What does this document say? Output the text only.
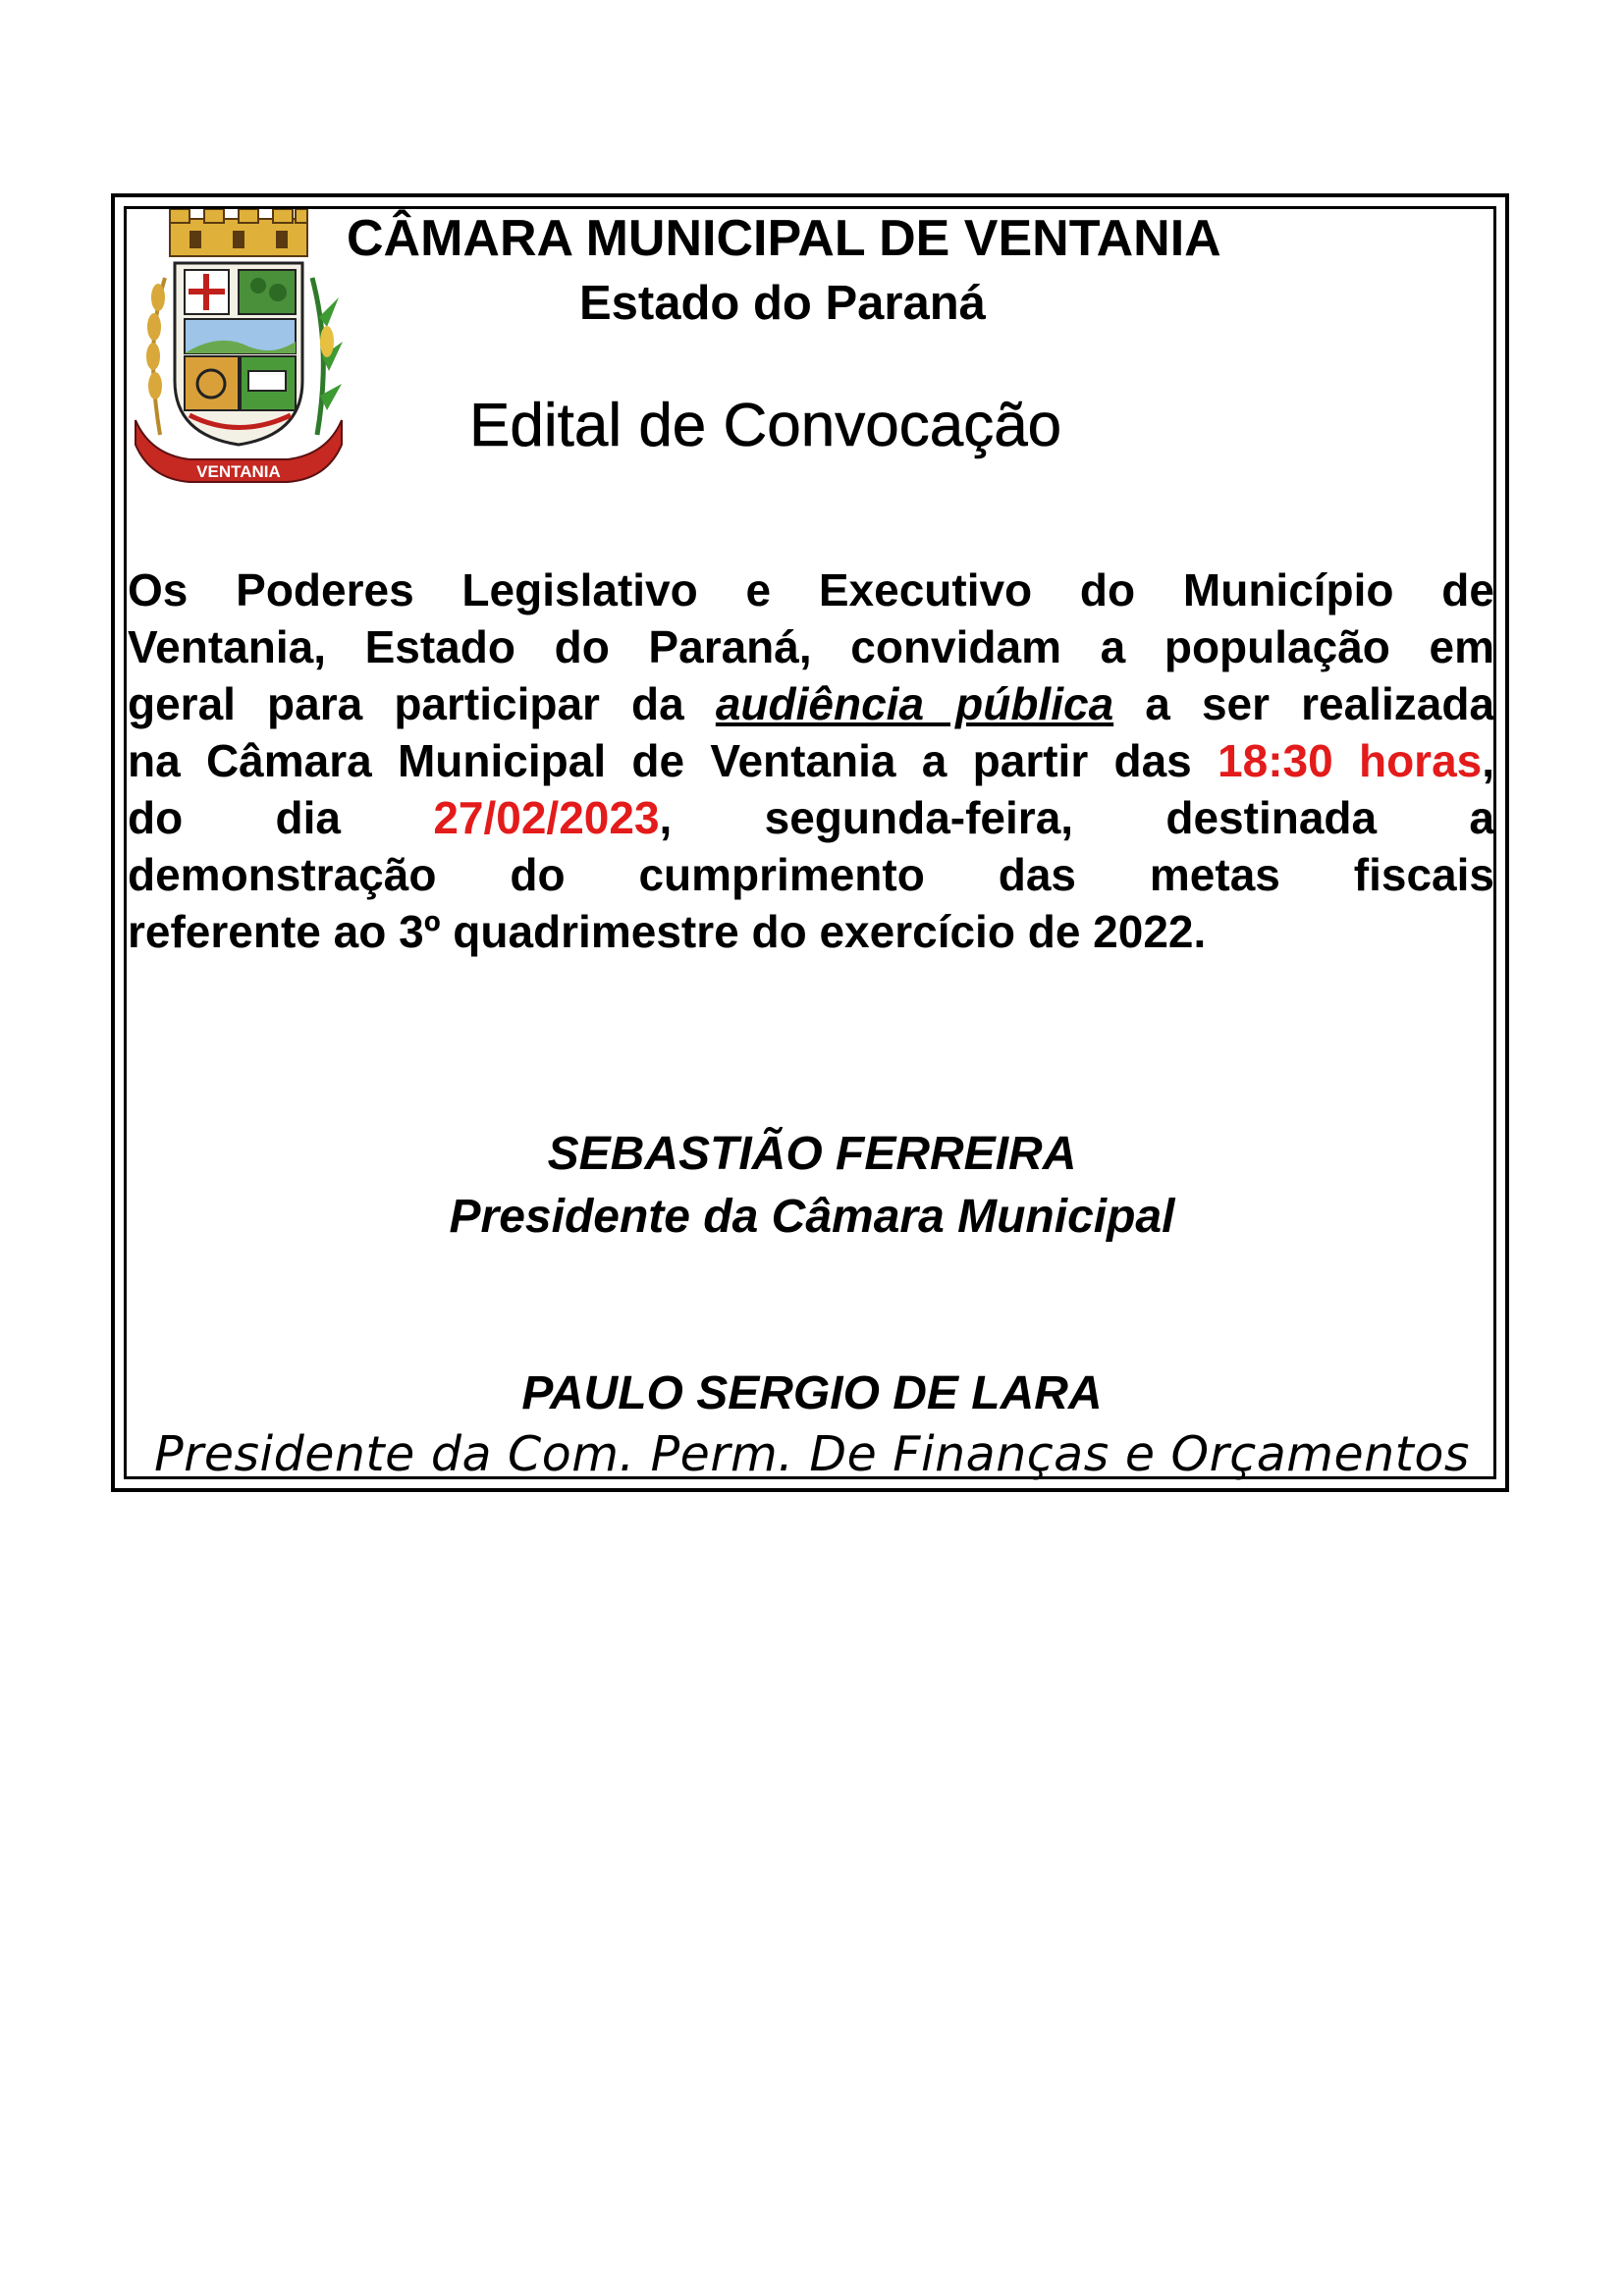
VENTANIA
CÂMARA MUNICIPAL DE VENTANIA
Estado do Paraná
Edital de Convocação
Os Poderes Legislativo e Executivo do Município de
Ventania, Estado do Paraná, convidam a população em
geral para participar da audiência pública a ser realizada
na Câmara Municipal de Ventania a partir das 18:30 horas,
do dia 27/02/2023, segunda-feira, destinada a
demonstração do cumprimento das metas fiscais
referente ao 3º quadrimestre do exercício de 2022.
SEBASTIÃO FERREIRA
Presidente da Câmara Municipal
PAULO SERGIO DE LARA
Presidente da Com. Perm. De Finanças e Orçamentos
